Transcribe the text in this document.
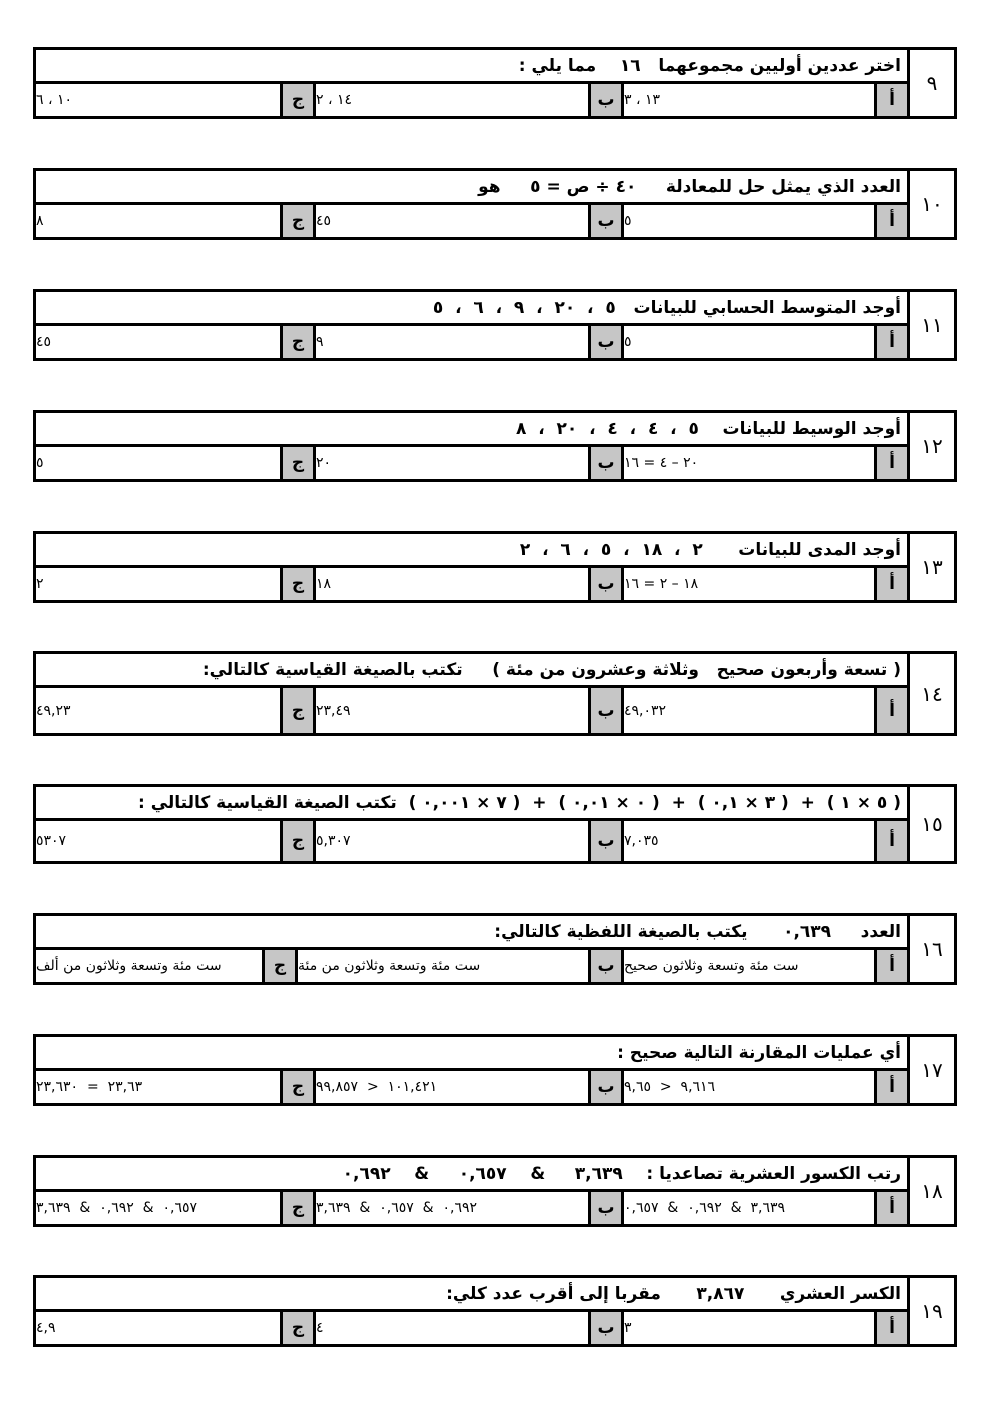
اختر عددين أوليين مجموعهما   ١٦    مما يلي :
١٠ ، ٦	ج ١٤ ، ٢	ب ١٣ ، ٣	أ
٩
العدد الذي يمثل حل للمعادلة     ٤٠ ÷ ص = ٥     هو
٨	ج ٤٥	ب ٥	أ
١٠
أوجد المتوسط الحسابي للبيانات   ٥  ،  ٢٠  ،  ٩  ،  ٦  ،  ٥
٤٥	ج ٩	ب ٥	أ
١١
أوجد الوسيط للبيانات    ٥  ،  ٤  ،  ٤  ،  ٢٠  ،  ٨
٥	ج ٢٠	ب ٢٠ – ٤ = ١٦	أ
١٢
أوجد المدى للبيانات      ٢  ،  ١٨  ،  ٥  ،  ٦  ،  ٢
٢	ج ١٨	ب ١٨ – ٢ = ١٦	أ
١٣
( تسعة وأربعون صحيح   وثلاثة وعشرون من مئة )     تكتب بالصيغة القياسية كالتالي:
٤٩,٢٣	ج ٢٣,٤٩	ب ٤٩,٠٣٢	أ
١٤
( ٥ × ١ )  +  ( ٣ × ٠,١ )  +  ( ٠ × ٠,٠١ )  +  ( ٧ × ٠,٠٠١ )  تكتب الصيغة القياسية كالتالي :
٥٣٠٧	ج ٥,٣٠٧	ب ٧,٠٣٥	أ
١٥
العدد     ٠,٦٣٩      يكتب بالصيغة اللفظية كالتالي:
ست مئة وتسعة وثلاثون من ألف	ج ست مئة وتسعة وثلاثون من مئة	ب ست مئة وتسعة وثلاثون صحيح	أ
١٦
أي عمليات المقارنة التالية صحيح :
٢٣,٦٣  =  ٢٣,٦٣٠	ج ١٠١,٤٢١  <  ٩٩,٨٥٧	ب ٩,٦١٦  <  ٩,٦٥	أ
١٧
رتب الكسور العشرية تصاعديا :    ٣,٦٣٩     &    ٠,٦٥٧     &    ٠,٦٩٢
٠,٦٥٧  &  ٠,٦٩٢  &  ٣,٦٣٩	ج ٠,٦٩٢  &  ٠,٦٥٧  &  ٣,٦٣٩	ب ٣,٦٣٩  &  ٠,٦٩٢  &  ٠,٦٥٧	أ
١٨
الكسر العشري      ٣,٨٦٧      مقربا إلى أقرب عدد كلي:
٤,٩	ج ٤	ب ٣	أ
١٩
